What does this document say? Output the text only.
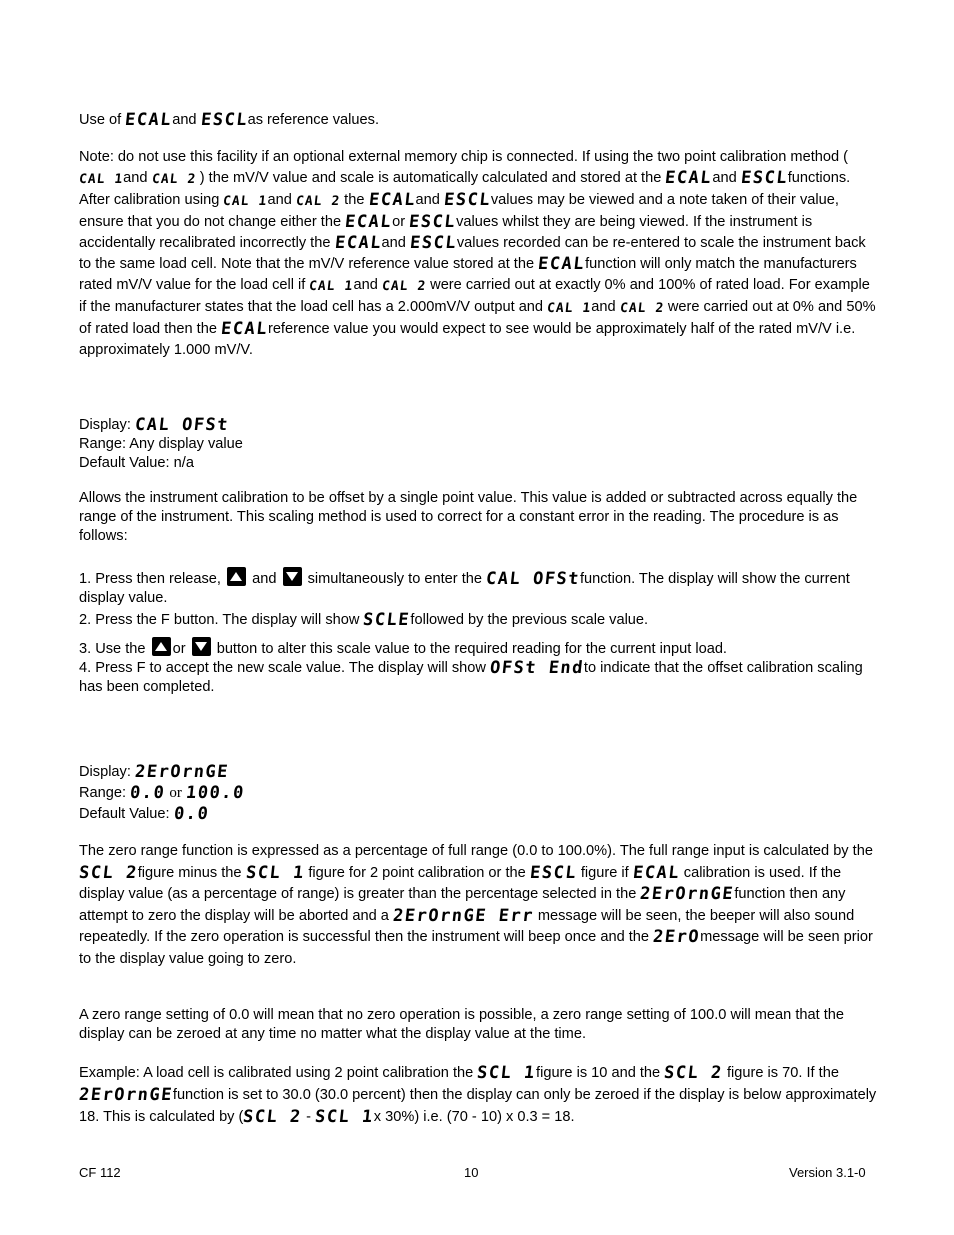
Use of ECALand ESCLas reference values.

Note: do not use this facility if an optional external memory chip is connected. If using the two point calibration method (CAL 1and CAL 2 ) the mV/V value and scale is automatically calculated and stored at the ECALand ESCLfunctions. After calibration using CAL 1and CAL 2 the ECALand ESCLvalues may be viewed and a note taken of their value, ensure that you do not change either the ECALor ESCLvalues whilst they are being viewed. If the instrument is accidentally recalibrated incorrectly the ECALand ESCLvalues recorded can be re-entered to scale the instrument back to the same load cell. Note that the mV/V reference value stored at the ECALfunction will only match the manufacturers rated mV/V value for the load cell if CAL 1and CAL 2 were carried out at exactly 0% and 100% of rated load. For example if the manufacturer states that the load cell has a 2.000mV/V output and CAL 1and CAL 2 were carried out at 0% and 50% of rated load then the ECALreference value you would expect to see would be approximately half of the rated mV/V i.e. approximately 1.000 mV/V.

Display: CAL OFSt
Range: Any display value
Default Value: n/a

Allows the instrument calibration to be offset by a single point value. This value is added or subtracted across equally the range of the instrument. This scaling method is used to correct for a constant error in the reading. The procedure is as follows:

1. Press then release, and simultaneously to enter the CAL OFStfunction. The display will show the current display value.

2. Press the F button. The display will show SCLEfollowed by the previous scale value.

3. Use the or button to alter this scale value to the required reading for the current input load.

4. Press F to accept the new scale value. The display will show OFSt Endto indicate that the offset calibration scaling has been completed.

Display: 2ErOrnGE
Range: 0.0 or 100.0
Default Value: 0.0

The zero range function is expressed as a percentage of full range (0.0 to 100.0%). The full range input is calculated by the SCL 2figure minus the SCL 1 figure for 2 point calibration or the ESCL figure if ECAL calibration is used. If the display value (as a percentage of range) is greater than the percentage selected in the 2ErOrnGEfunction then any attempt to zero the display will be aborted and a 2ErOrnGE Err message will be seen, the beeper will also sound repeatedly. If the zero operation is successful then the instrument will beep once and the 2ErOmessage will be seen prior to the display value going to zero.

A zero range setting of 0.0 will mean that no zero operation is possible, a zero range setting of 100.0 will mean that the display can be zeroed at any time no matter what the display value at the time.

Example: A load cell is calibrated using 2 point calibration the SCL 1figure is 10 and the SCL 2 figure is 70. If the 2ErOrnGEfunction is set to 30.0 (30.0 percent) then the display can only be zeroed if the display is below approximately 18. This is calculated by (SCL 2 - SCL 1x 30%) i.e. (70 - 10) x 0.3 = 18.

CF 112	10	Version 3.1-0
